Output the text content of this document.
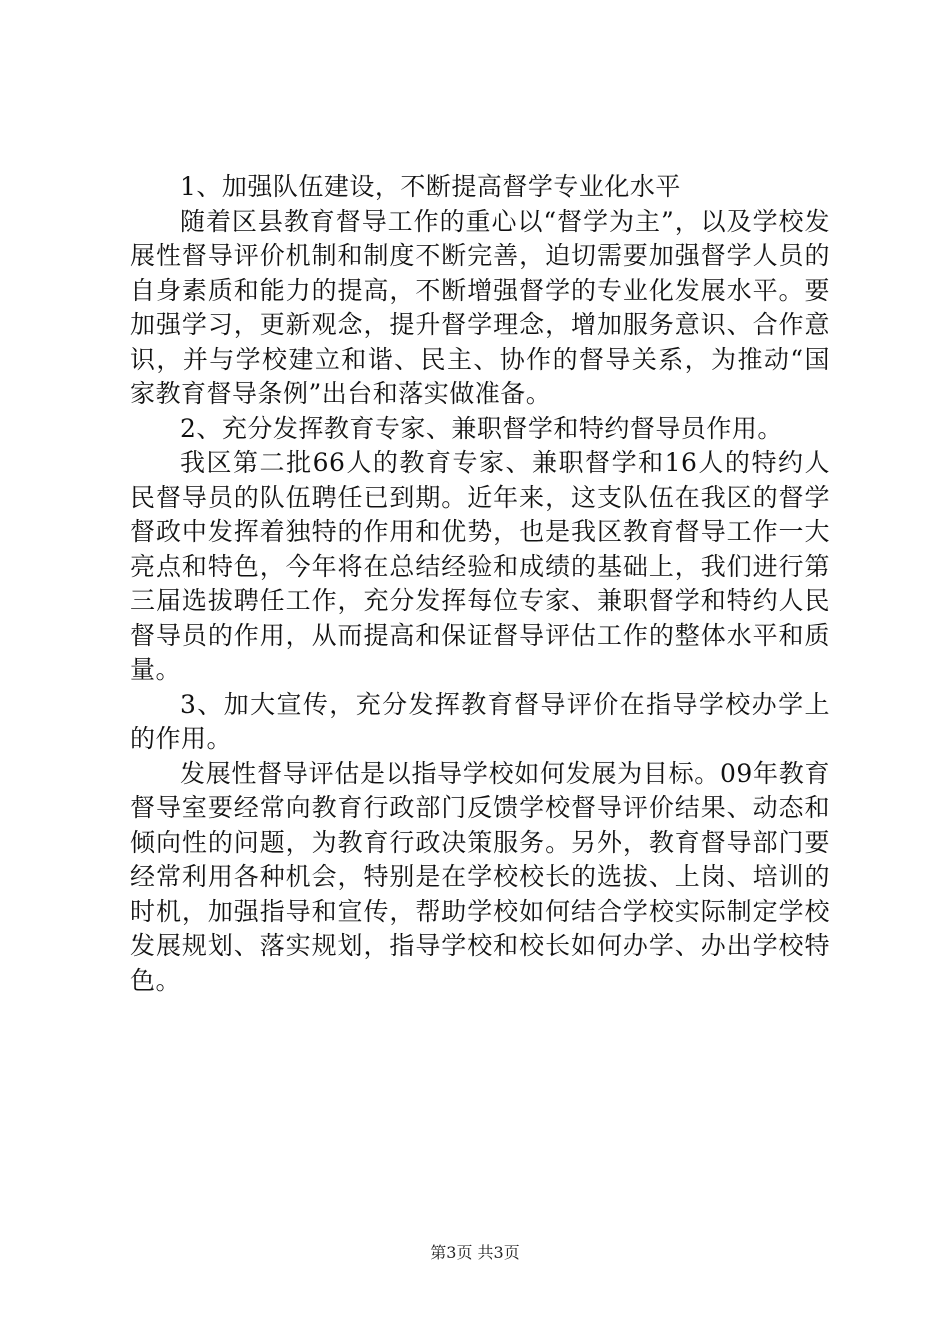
1、加强队伍建设，不断提高督学专业化水平

随着区县教育督导工作的重心以“督学为主”，以及学校发展性督导评价机制和制度不断完善，迫切需要加强督学人员的自身素质和能力的提高，不断增强督学的专业化发展水平。要加强学习，更新观念，提升督学理念，增加服务意识、合作意识，并与学校建立和谐、民主、协作的督导关系，为推动“国家教育督导条例”出台和落实做准备。

2、充分发挥教育专家、兼职督学和特约督导员作用。

我区第二批66人的教育专家、兼职督学和16人的特约人民督导员的队伍聘任已到期。近年来，这支队伍在我区的督学督政中发挥着独特的作用和优势，也是我区教育督导工作一大亮点和特色，今年将在总结经验和成绩的基础上，我们进行第三届选拔聘任工作，充分发挥每位专家、兼职督学和特约人民督导员的作用，从而提高和保证督导评估工作的整体水平和质量。

3、加大宣传，充分发挥教育督导评价在指导学校办学上的作用。

发展性督导评估是以指导学校如何发展为目标。09年教育督导室要经常向教育行政部门反馈学校督导评价结果、动态和倾向性的问题，为教育行政决策服务。另外，教育督导部门要经常利用各种机会，特别是在学校校长的选拔、上岗、培训的时机，加强指导和宣传，帮助学校如何结合学校实际制定学校发展规划、落实规划，指导学校和校长如何办学、办出学校特色。

第3页 共3页
